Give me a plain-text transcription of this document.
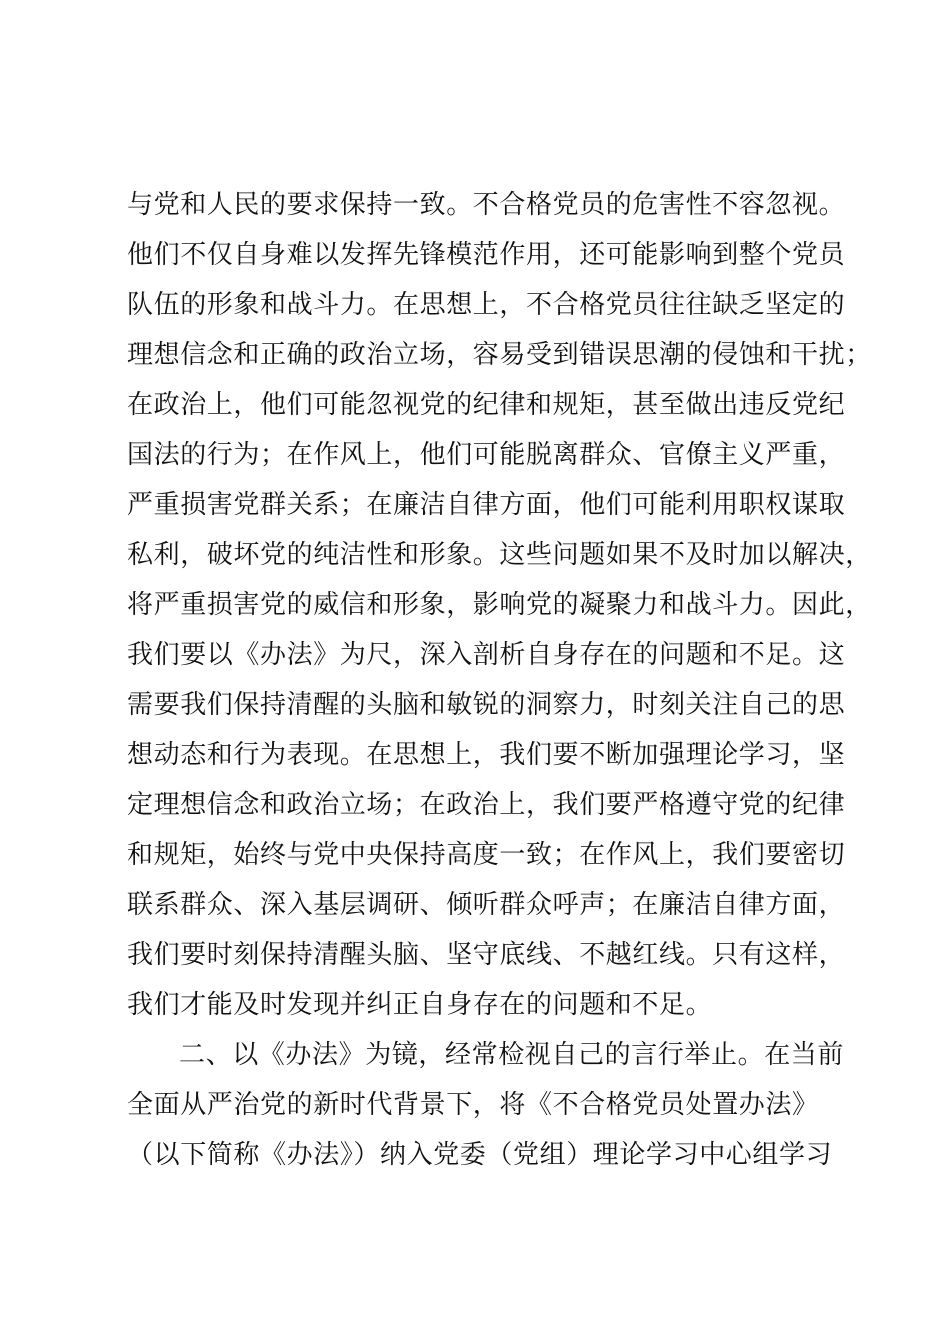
与党和人民的要求保持一致。不合格党员的危害性不容忽视。
他们不仅自身难以发挥先锋模范作用，还可能影响到整个党员
队伍的形象和战斗力。在思想上，不合格党员往往缺乏坚定的
理想信念和正确的政治立场，容易受到错误思潮的侵蚀和干扰；
在政治上，他们可能忽视党的纪律和规矩，甚至做出违反党纪
国法的行为；在作风上，他们可能脱离群众、官僚主义严重，
严重损害党群关系；在廉洁自律方面，他们可能利用职权谋取
私利，破坏党的纯洁性和形象。这些问题如果不及时加以解决，
将严重损害党的威信和形象，影响党的凝聚力和战斗力。因此，
我们要以《办法》为尺，深入剖析自身存在的问题和不足。这
需要我们保持清醒的头脑和敏锐的洞察力，时刻关注自己的思
想动态和行为表现。在思想上，我们要不断加强理论学习，坚
定理想信念和政治立场；在政治上，我们要严格遵守党的纪律
和规矩，始终与党中央保持高度一致；在作风上，我们要密切
联系群众、深入基层调研、倾听群众呼声；在廉洁自律方面，
我们要时刻保持清醒头脑、坚守底线、不越红线。只有这样，
我们才能及时发现并纠正自身存在的问题和不足。
二、以《办法》为镜，经常检视自己的言行举止。在当前
全面从严治党的新时代背景下，将《不合格党员处置办法》
（以下简称《办法》）纳入党委（党组）理论学习中心组学习
